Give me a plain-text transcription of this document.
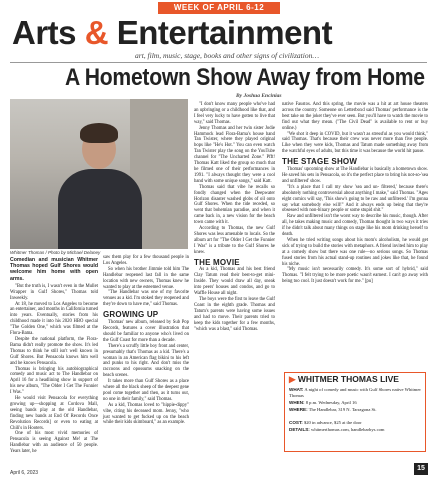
WEEK OF APRIL 6-12
Arts & Entertainment
art, film, music, stage, books and other signs of civilization…
A Hometown Show Away from Home
By Joshua Encinias
Whitmer Thomas / Photo by Michael Delaney

Comedian and musician Whitmer Thomas hoped Gulf Shores would welcome him home with open arms.

"But the truth is, I wasn't even in the Mullet Wrapper in Gulf Shores," Thomas told Inweekly.

At 18, he moved to Los Angeles to become an entertainer, and months in California turned into years. Eventually, stories from his childhood made it into his 2020 HBO special "The Golden One," which was filmed at the Flora-Bama.

Despite the national platform, the Flora-Bama didn't really promote the show. It's led Thomas to think he still isn't well known in Gulf Shores. But Pensacola knows him well and he knows Pensacola.

Thomas is bringing his autobiographical comedy and music act to The Handlebar on April 16 for a headlining show in support of his new album, "The Older I Get The Funnier I Was."

He would visit Pensacola for everything growing up—shopping at Cordova Mall, seeing bands play at the old Handlebar, finding new bands at End Of Records Once Revolution Records] or even to eating at Chili's in Hooters.

One of his most vivid memories of Pensacola is seeing Against Me! at The Handlebar with an audience of 50 people. Years later, he

saw them play for a few thousand people in Los Angeles.

So when his brother Jimmie told him The Handlebar reopened last fall in the same location with new owners, Thomas knew he wanted to play at the esteemed venue.

"The Handlebar was one of my favorite venues as a kid. I'm stoked they reopened and they're down to have me," said Thomas.

GROWING UP

Thomas' new album, released by Sub Pop Records, features a cover illustration that should be familiar to anyone who's lived on the Gulf Coast for more than a decade.

There's a scruffy little boy front and center, presumably that's Thomas as a kid. There's a woman in an American flag bikini to his left and punks to his right. And don't miss the raccoons and opossums snacking on the beach scenes.

It takes more than Gulf Shores as a place where all the black sheep of the deepest gene pool come together and then, as it turns out, no one in their family," said Thomas.

As a kid, Thomas loved to "hippie-dippy" vibe, citing his deceased mom. Jenny, "who just wanted to get fucked up on the beach while their kids skimboard," as an example.

"I don't know many people who've had an upbringing or a childhood like that, and I feel very lucky to have gotten to live that way," said Thomas.

Jenny Thomas and her twin sister Jodie Hammock lead Flora-Bama's house band Tan Twister, where they played original bops like "He's Hot." You can even watch Tan Twister play the song on the YouTube channel for "The Uncharted Zone." Pfft! Thomas Katt liked the group so much that he filmed one of their performances in 1991. "I always thought they were a cool band with some unique songs," said Katt.

Thomas said that vibe he recalls so fondly changed when the Deepwater Horizon disaster washed globs of oil onto Gulf Shores. When the tide receded, so went that bohemian paradise, and when it came back in, a new vision for the beach town came with it.

According to Thomas, the new Gulf Shores was less amenable to locals. So the album art for "The Older I Get the Funnier I Was" is a tribute to the Gulf Shores he knew.

THE MOVIE

As a kid, Thomas and his best friend Clay Tatum read their best-to-get mini-Inside. They would draw all day, sneak into peers' houses and condos, and go to Waffle House all night.

The boys were the first to leave the Gulf Coast in the eighth grade. Thomas and Tatum's parents were having some issues and had to move. Their parents tried to keep the kids together for a few months, "which was a blast," said Thomas.

native Faustos. And this spring, the movie was a hit at art house theaters across the country. Someone on Letterboxd said Thomas' performance is the best take on the joker they've ever seen. But you'll have to watch the movie to find out what they mean. ("The Civil Dead" is available to rent or buy online.)

"We shot it deep in COVID, but it wasn't as stressful as you would think," said Thomas. That's because their crew was never more than five people. Like when they were kids, Thomas and Tatum made something away from the watchful eyes of adults, but this time it was because the world hit pause.

THE STAGE SHOW

Thomas' upcoming show at The Handlebar is basically a hometown show. He saved his sets in Pensacola, so it's the perfect place to bring his not-so-'sea and unfiltered' show.

"It's a place that I call my show 'sea and un- filtered,' because there's absolutely nothing controversial about anything I make," said Thomas. "Ages eight comics will say, 'This show's going to be raw and unfiltered.' I'm gonna say what somebody else will!" And it always ends up being that they're obsessed with non-binary people or some stupid shit."

Raw and unfiltered isn't the worst way to describe his music, though. After all, he takes making music and comedy, Thomas thought in two ways it tries if he didn't talk about many things on stage like his mom drinking herself to death.

When he tried writing songs about his mom's alcoholism, he would get sick of trying to build the stories with metaphors. A friend invited him to play at a comedy show but there was one rule—no serious songs. So Thomas fused stories from his actual stand-up routines and jokes like that, he found his niche.

"My music isn't necessarily comedy. It's some sort of hybrid," said Thomas. "I felt trying to be more poetic wasn't earnest. I can't go away with being too cool. It just doesn't work for me." [pu]

▶ WHITMER THOMAS LIVE
WHAT: A night of comedy and music with Gulf Shores native Whitmer Thomas
WHEN: 8 p.m. Wednesday, April 16
WHERE: The Handlebar, 319 N. Tarragona St.
COST: $20 in advance, $25 at the door
DETAILS: whitmerthomas.com, handlebarbys.com
April 6, 2023
15
